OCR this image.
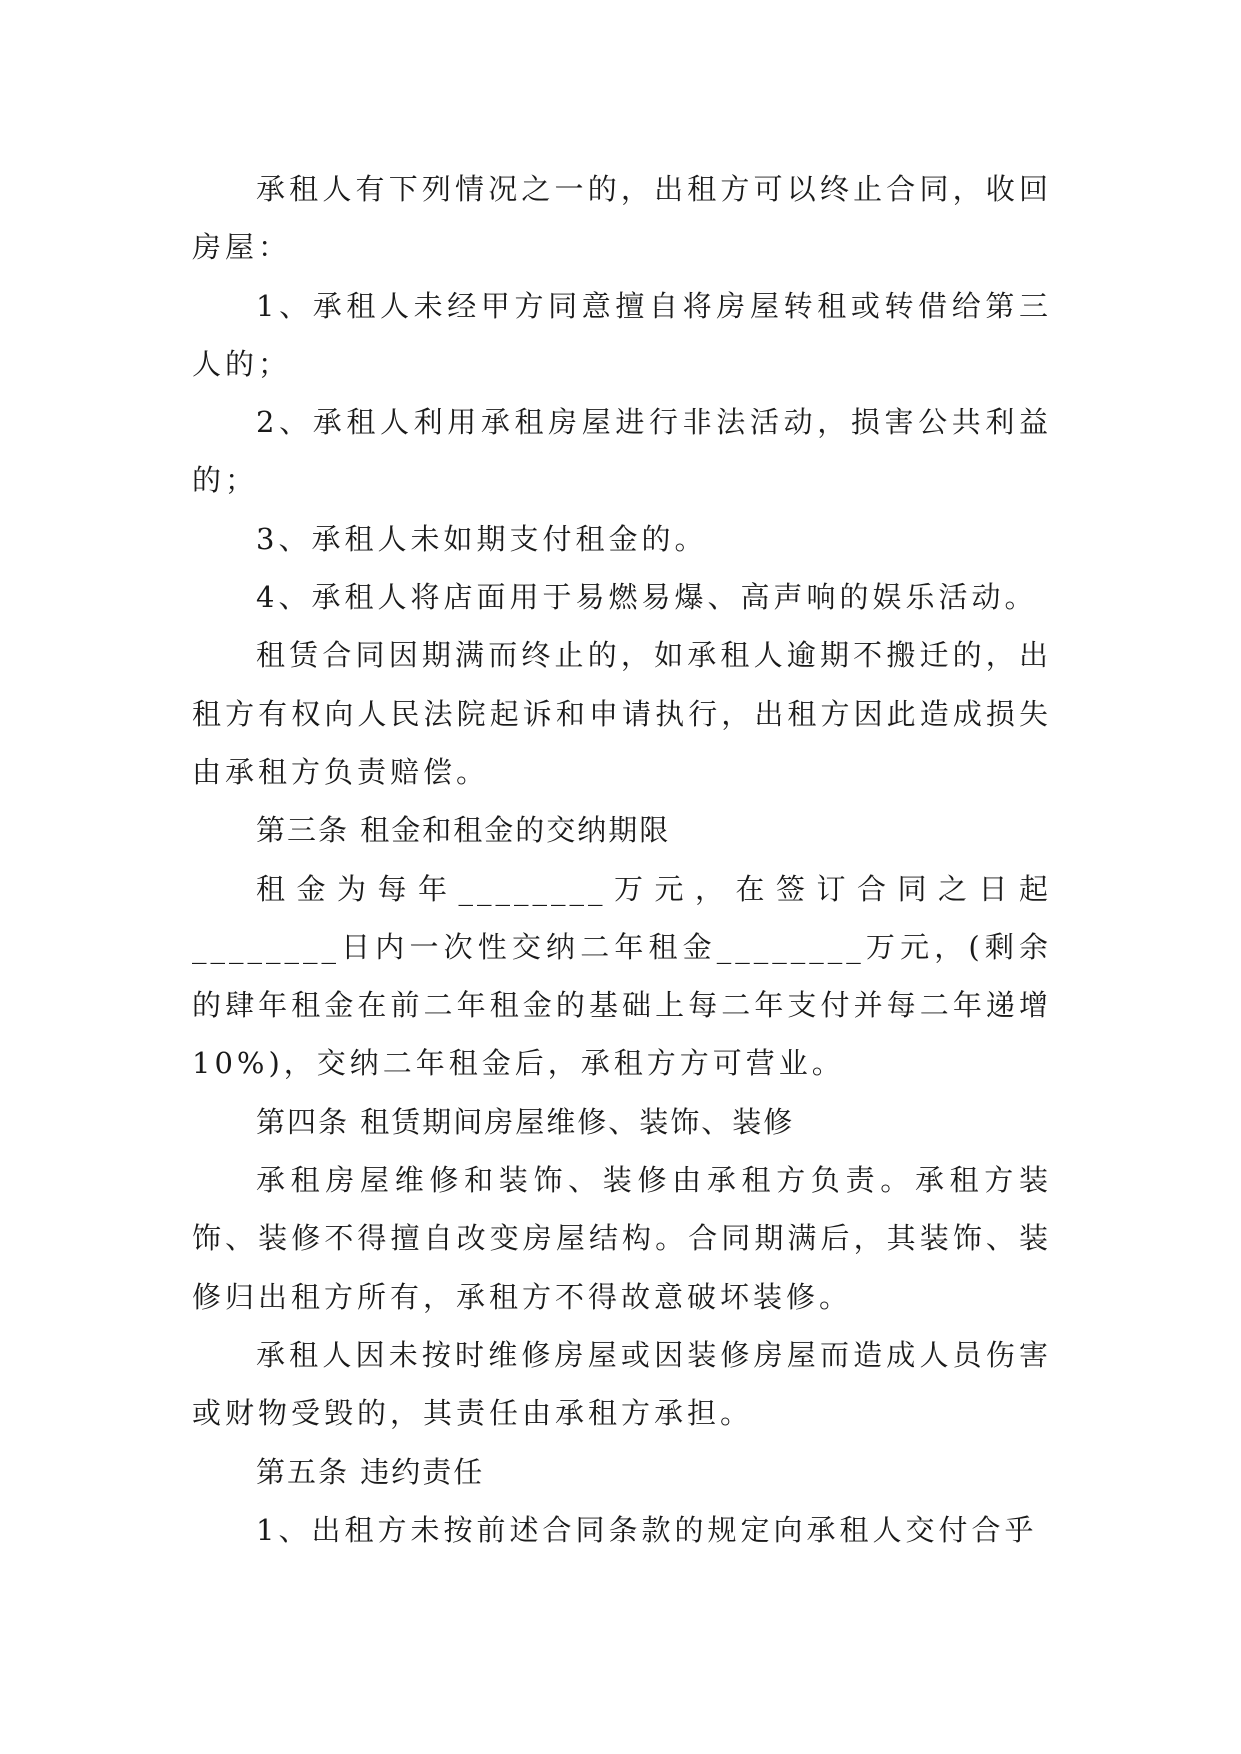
承租人有下列情况之一的，出租方可以终止合同，收回房屋：

1、承租人未经甲方同意擅自将房屋转租或转借给第三人的；

2、承租人利用承租房屋进行非法活动，损害公共利益的；

3、承租人未如期支付租金的。

4、承租人将店面用于易燃易爆、高声响的娱乐活动。

租赁合同因期满而终止的，如承租人逾期不搬迁的，出租方有权向人民法院起诉和申请执行，出租方因此造成损失由承租方负责赔偿。

第三条 租金和租金的交纳期限

租金为每年________万元，在签订合同之日起________日内一次性交纳二年租金________万元，(剩余的肆年租金在前二年租金的基础上每二年支付并每二年递增10%)，交纳二年租金后，承租方方可营业。

第四条 租赁期间房屋维修、装饰、装修

承租房屋维修和装饰、装修由承租方负责。承租方装饰、装修不得擅自改变房屋结构。合同期满后，其装饰、装修归出租方所有，承租方不得故意破坏装修。

承租人因未按时维修房屋或因装修房屋而造成人员伤害或财物受毁的，其责任由承租方承担。

第五条 违约责任

1、出租方未按前述合同条款的规定向承租人交付合乎
